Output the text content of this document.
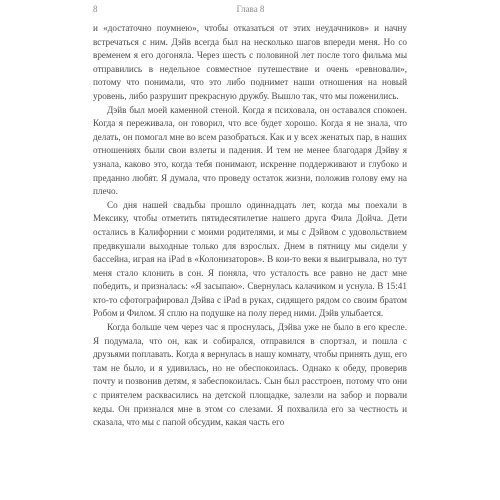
8	Глава 8

и «достаточно поумнею», чтобы отказаться от этих неудачников» и начну встречаться с ним. Дэйв всегда был на несколько шагов впереди меня. Но со временем я его догоняла. Через шесть с половиной лет после того фильма мы отправились в недельное совместное путешествие и очень «ревновали», потому что понимали, что это либо поднимет наши отношения на новый уровень, либо разрушит прекрасную дружбу. Вышло так, что мы поженились.

Дэйв был моей каменной стеной. Когда я психовала, он оставался спокоен. Когда я переживала, он говорил, что все будет хорошо. Когда я не знала, что делать, он помогал мне во всем разобраться. Как и у всех женатых пар, в наших отношениях были свои взлеты и падения. И тем не менее благодаря Дэйву я узнала, каково это, когда тебя понимают, искренне поддерживают и глубоко и преданно любят. Я думала, что проведу остаток жизни, положив голову ему на плечо.

Со дня нашей свадьбы прошло одиннадцать лет, когда мы поехали в Мексику, чтобы отметить пятидесятилетие нашего друга Фила Дойча. Дети остались в Калифорнии с моими родителями, и мы с Дэйвом с удовольствием предвкушали выходные только для взрослых. Днем в пятницу мы сидели у бассейна, играя на iPad в «Колонизаторов». В кои-то веки я выигрывала, но тут меня стало клонить в сон. Я поняла, что усталость все равно не даст мне победить, и призналась: «Я засыпаю». Свернулась калачиком и уснула. В 15:41 кто-то сфотографировал Дэйва с iPad в руках, сидящего рядом со своим братом Робом и Филом. Я сплю на подушке на полу перед ними. Дэйв улыбается.

Когда больше чем через час я проснулась, Дэйва уже не было в его кресле. Я подумала, что он, как и собирался, отправился в спортзал, и пошла с друзьями поплавать. Когда я вернулась в нашу комнату, чтобы принять душ, его там не было, и я удивилась, но не обеспокоилась. Однако к обеду, проверив почту и позвонив детям, я забеспокоилась. Сын был расстроен, потому что они с приятелем расквасились на детской площадке, залезли на забор и порвали кеды. Он признался мне в этом со слезами. Я похвалила его за честность и сказала, что мы с папой обсудим, какая часть его
